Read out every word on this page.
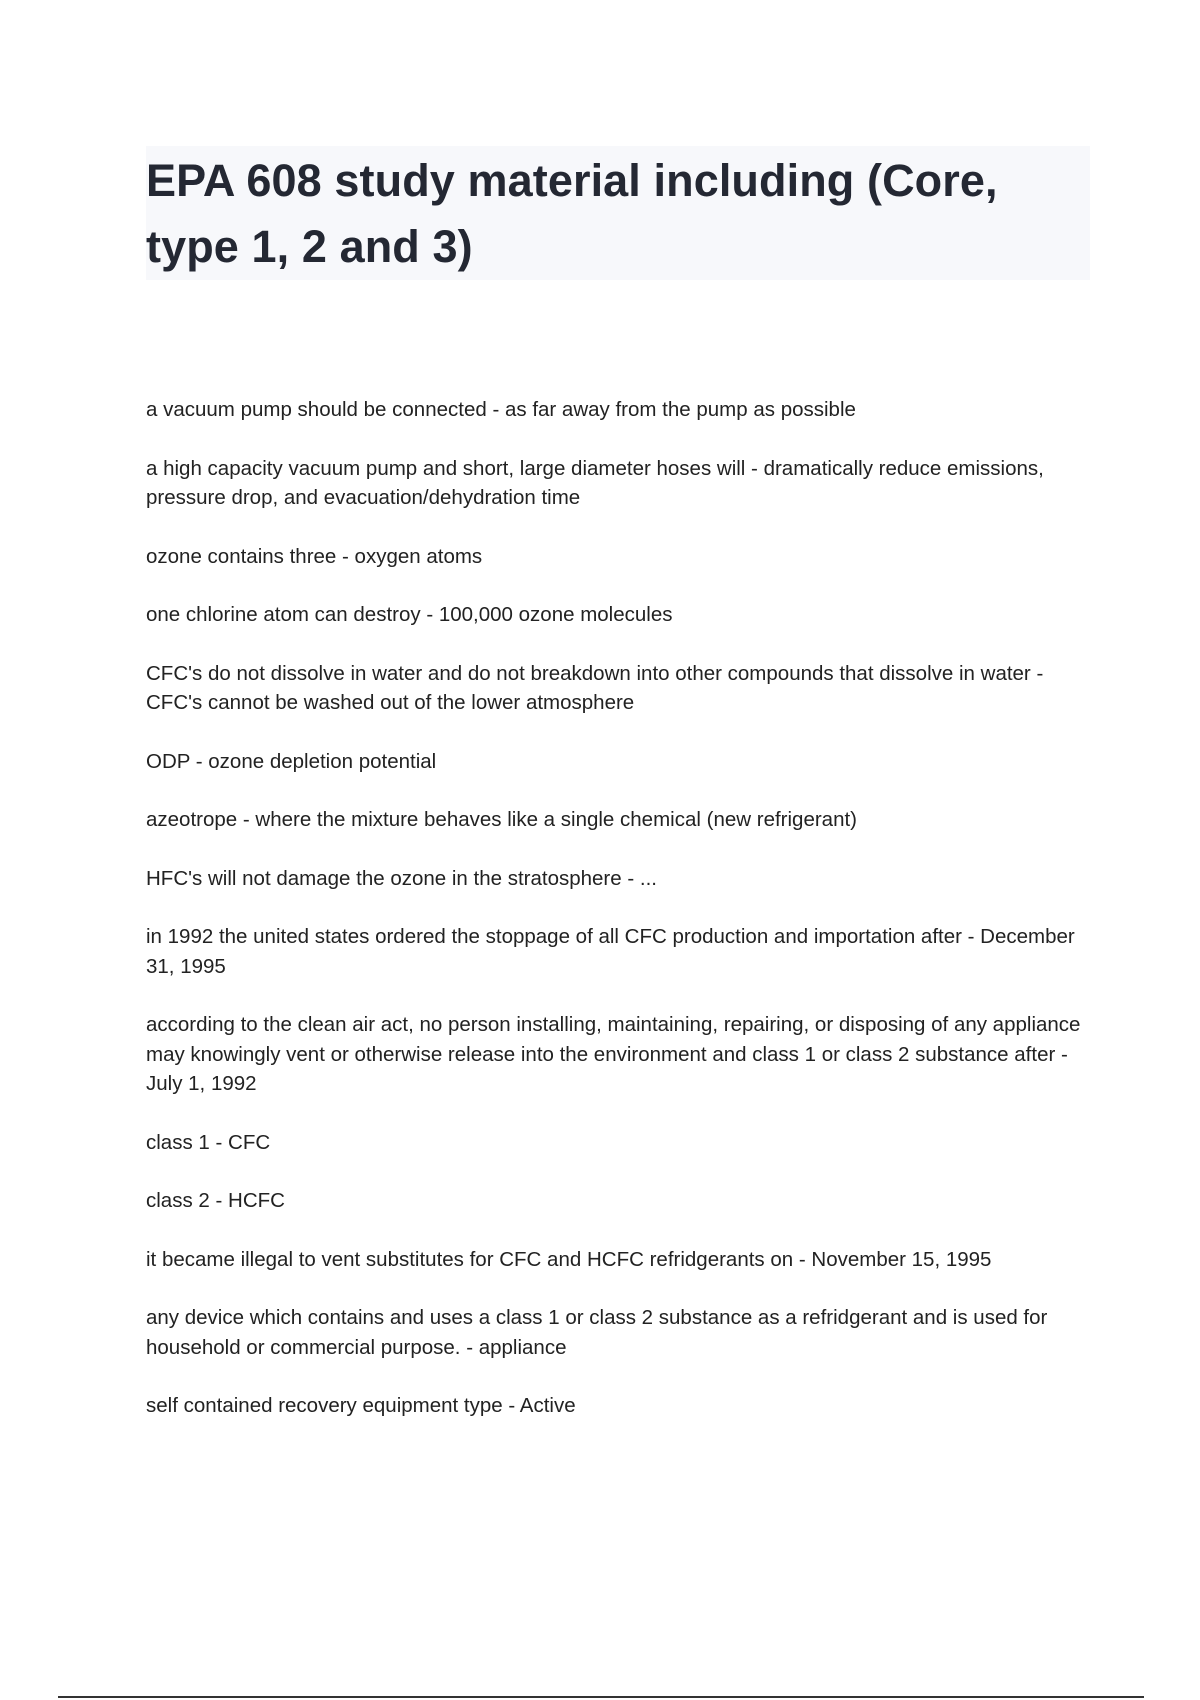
EPA 608 study material including (Core, type 1, 2 and 3)

a vacuum pump should be connected - as far away from the pump as possible

a high capacity vacuum pump and short, large diameter hoses will - dramatically reduce emissions, pressure drop, and evacuation/dehydration time

ozone contains three - oxygen atoms

one chlorine atom can destroy - 100,000 ozone molecules

CFC's do not dissolve in water and do not breakdown into other compounds that dissolve in water - CFC's cannot be washed out of the lower atmosphere

ODP - ozone depletion potential

azeotrope - where the mixture behaves like a single chemical (new refrigerant)

HFC's will not damage the ozone in the stratosphere - ...

in 1992 the united states ordered the stoppage of all CFC production and importation after - December 31, 1995

according to the clean air act, no person installing, maintaining, repairing, or disposing of any appliance may knowingly vent or otherwise release into the environment and class 1 or class 2 substance after - July 1, 1992

class 1 - CFC

class 2 - HCFC

it became illegal to vent substitutes for CFC and HCFC refridgerants on - November 15, 1995

any device which contains and uses a class 1 or class 2 substance as a refridgerant and is used for household or commercial purpose. - appliance

self contained recovery equipment type - Active
